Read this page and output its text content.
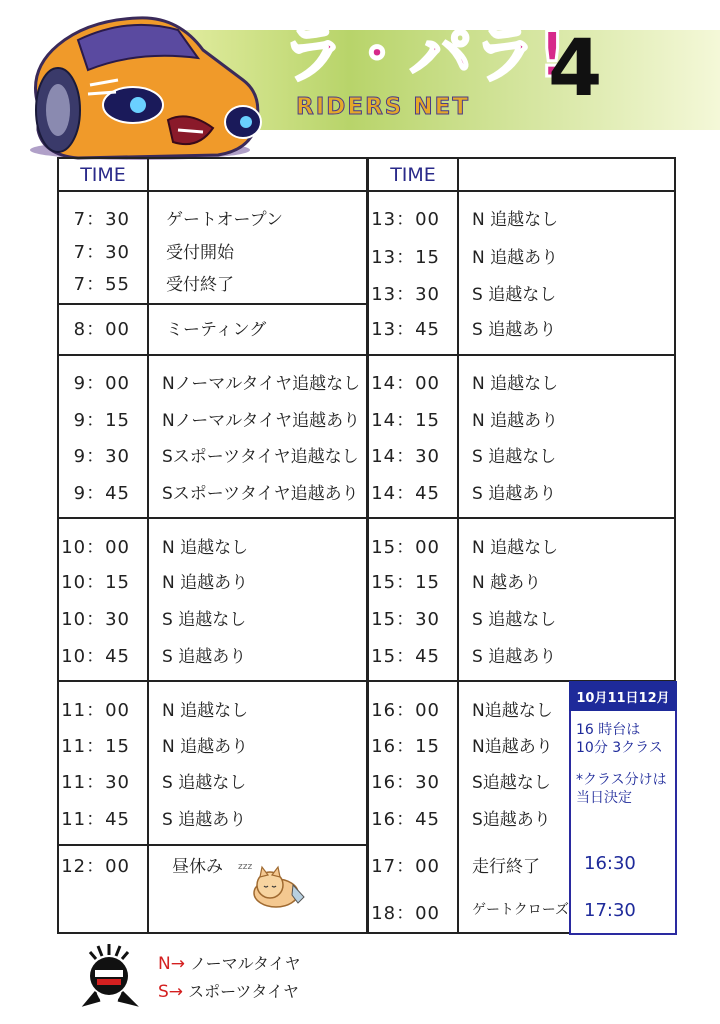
ラ・パラ!
RIDERS NET 4
TIME	TIME
7：30 ゲートオープン
7：30 受付開始
7：55 受付終了
8：00 ミーティング
9：00 Nノーマルタイヤ追越なし
9：15 Nノーマルタイヤ追越あり
9：30 Sスポーツタイヤ追越なし
9：45 Sスポーツタイヤ追越あり
10：00 N 追越なし
10：15 N 追越あり
10：30 S 追越なし
10：45 S 追越あり
11：00 N 追越なし
11：15 N 追越あり
11：30 S 追越なし
11：45 S 追越あり
12：00 昼休み
13：00 N 追越なし
13：15 N 追越あり
13：30 S 追越なし
13：45 S 追越あり
14：00 N 追越なし
14：15 N 追越あり
14：30 S 追越なし
14：45 S 追越あり
15：00 N 追越なし
15：15 N 越あり
15：30 S 追越なし
15：45 S 追越あり
16：00 N追越なし
16：15 N追越あり
16：30 S追越なし
16：45 S追越あり
17：00 走行終了
18：00 ゲートクローズ
zzz
10月11日12月
16 時台は
10分 3クラス
*クラス分けは
当日決定
16:30
17:30
N→ ノーマルタイヤ
S→ スポーツタイヤ
